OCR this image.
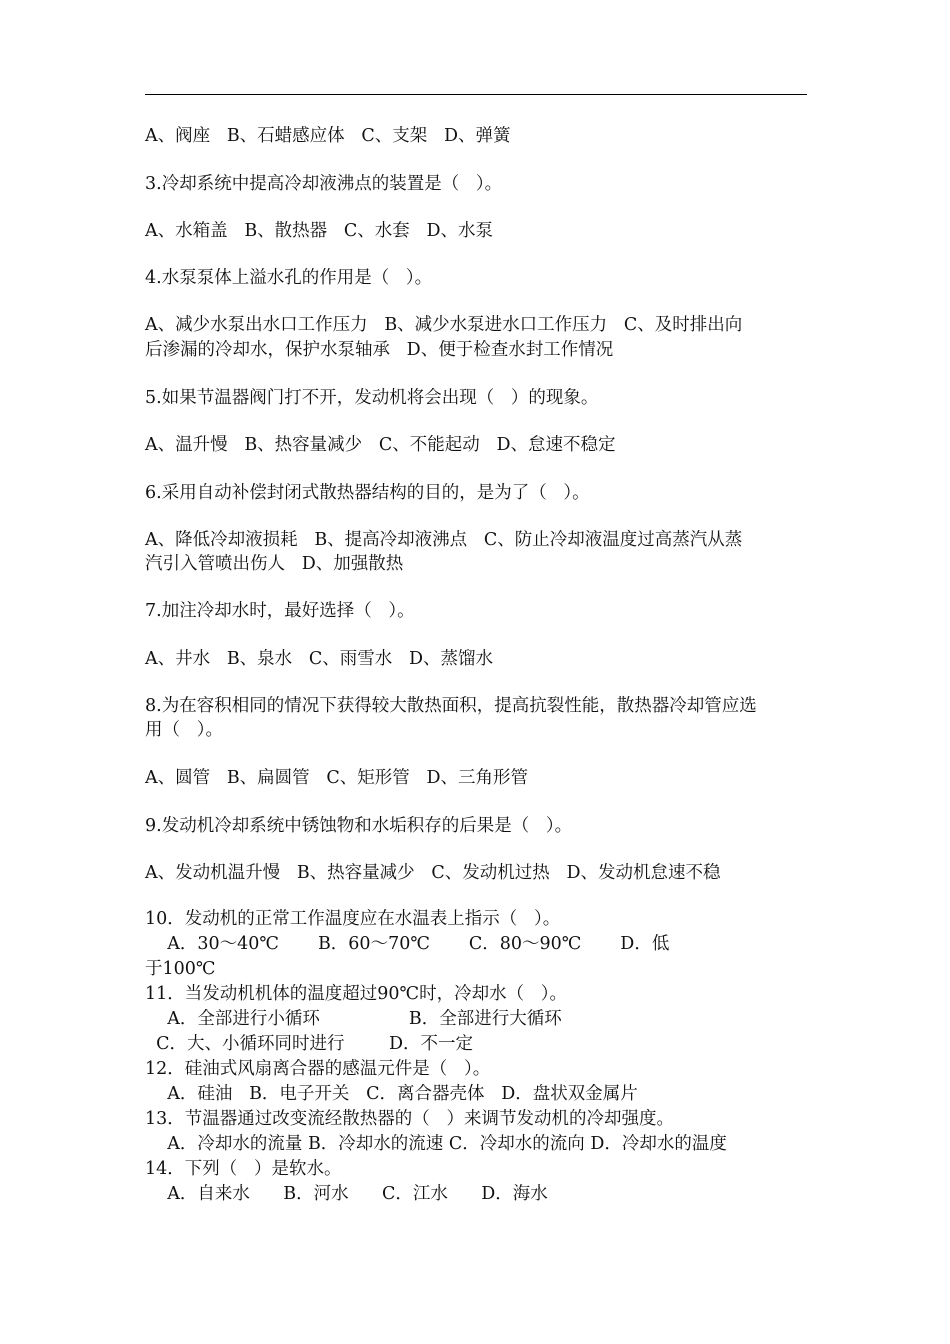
A、阀座   B、石蜡感应体   C、支架   D、弹簧
3.冷却系统中提高冷却液沸点的装置是（   ）。
A、水箱盖   B、散热器   C、水套   D、水泵
4.水泵泵体上溢水孔的作用是（   ）。
A、减少水泵出水口工作压力   B、减少水泵进水口工作压力   C、及时排出向
后渗漏的冷却水，保护水泵轴承   D、便于检查水封工作情况
5.如果节温器阀门打不开，发动机将会出现（   ）的现象。
A、温升慢   B、热容量减少   C、不能起动   D、怠速不稳定
6.采用自动补偿封闭式散热器结构的目的，是为了（   ）。
A、降低冷却液损耗   B、提高冷却液沸点   C、防止冷却液温度过高蒸汽从蒸
汽引入管喷出伤人   D、加强散热
7.加注冷却水时，最好选择（   ）。
A、井水   B、泉水   C、雨雪水   D、蒸馏水
8.为在容积相同的情况下获得较大散热面积，提高抗裂性能，散热器冷却管应选
用（   ）。
A、圆管   B、扁圆管   C、矩形管   D、三角形管
9.发动机冷却系统中锈蚀物和水垢积存的后果是（   ）。
A、发动机温升慢   B、热容量减少   C、发动机过热   D、发动机怠速不稳
10．发动机的正常工作温度应在水温表上指示（   ）。
A．30～40℃       B．60～70℃       C．80～90℃       D．低
于100℃
11．当发动机机体的温度超过90℃时，冷却水（   ）。
A．全部进行小循环                B．全部进行大循环
C．大、小循环同时进行        D．不一定
12．硅油式风扇离合器的感温元件是（   ）。
A．硅油   B．电子开关   C．离合器壳体   D．盘状双金属片
13．节温器通过改变流经散热器的（   ）来调节发动机的冷却强度。
A．冷却水的流量 B．冷却水的流速 C．冷却水的流向 D．冷却水的温度
14．下列（   ）是软水。
A．自来水      B．河水      C．江水      D．海水
